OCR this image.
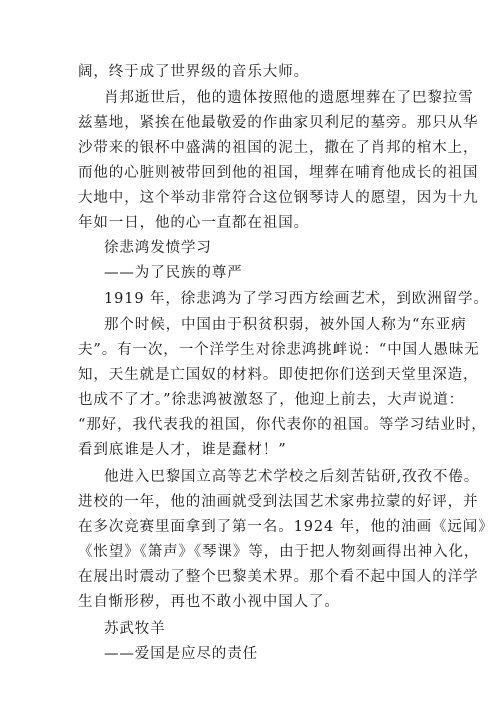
阔，终于成了世界级的音乐大师。
肖邦逝世后，他的遗体按照他的遗愿埋葬在了巴黎拉雪
兹墓地，紧挨在他最敬爱的作曲家贝利尼的墓旁。那只从华
沙带来的银杯中盛满的祖国的泥土，撒在了肖邦的棺木上，
而他的心脏则被带回到他的祖国，埋葬在哺育他成长的祖国
大地中，这个举动非常符合这位钢琴诗人的愿望，因为十九
年如一日，他的心一直都在祖国。
徐悲鸿发愤学习
——为了民族的尊严
1919 年，徐悲鸿为了学习西方绘画艺术，到欧洲留学。
那个时候，中国由于积贫积弱，被外国人称为“东亚病
夫”。有一次，一个洋学生对徐悲鸿挑衅说：“中国人愚昧无
知，天生就是亡国奴的材料。即使把你们送到天堂里深造，
也成不了才。”徐悲鸿被激怒了，他迎上前去，大声说道：
“那好，我代表我的祖国，你代表你的祖国。等学习结业时，
看到底谁是人才，谁是蠢材！”
他进入巴黎国立高等艺术学校之后刻苦钻研,孜孜不倦。
进校的一年，他的油画就受到法国艺术家弗拉蒙的好评，并
在多次竞赛里面拿到了第一名。1924 年，他的油画《远闻》
《怅望》《箫声》《琴课》等，由于把人物刻画得出神入化，
在展出时震动了整个巴黎美术界。那个看不起中国人的洋学
生自惭形秽，再也不敢小视中国人了。
苏武牧羊
——爱国是应尽的责任
